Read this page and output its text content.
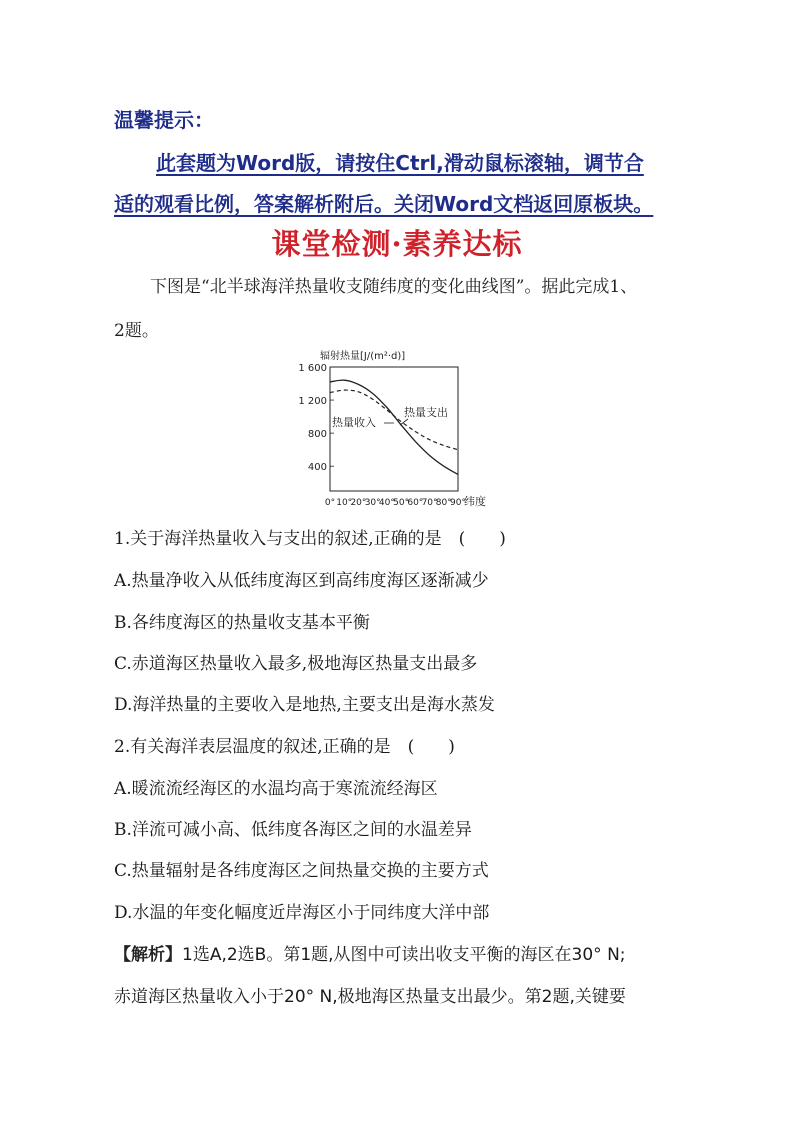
温馨提示：
此套题为Word版，请按住Ctrl,滑动鼠标滚轴，调节合
适的观看比例，答案解析附后。关闭Word文档返回原板块。
课堂检测·素养达标
下图是“北半球海洋热量收支随纬度的变化曲线图”。据此完成1、
2题。
辐射热量[J/(m²·d)]
1 600
1 200
800
400
0° 10°
20°
30°
40°
50°
60°
70°
80°
90°
热量收入
热量支出
纬度
1.关于海洋热量收入与支出的叙述,正确的是　(　　)
A.热量净收入从低纬度海区到高纬度海区逐渐减少
B.各纬度海区的热量收支基本平衡
C.赤道海区热量收入最多,极地海区热量支出最多
D.海洋热量的主要收入是地热,主要支出是海水蒸发
2.有关海洋表层温度的叙述,正确的是　(　　)
A.暖流流经海区的水温均高于寒流流经海区
B.洋流可减小高、低纬度各海区之间的水温差异
C.热量辐射是各纬度海区之间热量交换的主要方式
D.水温的年变化幅度近岸海区小于同纬度大洋中部
【解析】1选A,2选B。第1题,从图中可读出收支平衡的海区在30° N;
赤道海区热量收入小于20° N,极地海区热量支出最少。第2题,关键要
